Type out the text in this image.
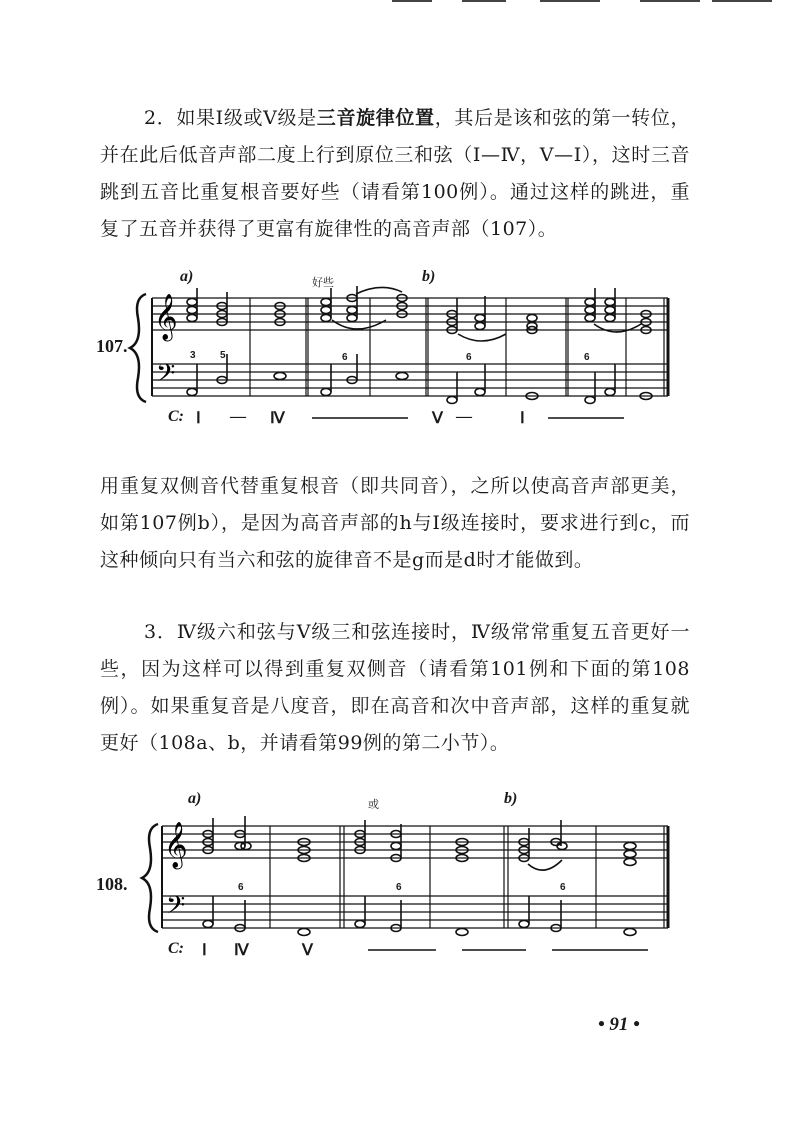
2．如果Ⅰ级或Ⅴ级是三音旋律位置，其后是该和弦的第一转位，并在此后低音声部二度上行到原位三和弦（Ⅰ—Ⅳ，Ⅴ—Ⅰ），这时三音跳到五音比重复根音要好些（请看第100例）。通过这样的跳进，重复了五音并获得了更富有旋律性的高音声部（107）。

107.
𝄞
𝄢
a)	b)
好些
3 5	6	6	6
C: Ⅰ — Ⅳ	Ⅴ —	Ⅰ

用重复双侧音代替重复根音（即共同音），之所以使高音声部更美，如第107例b），是因为高音声部的h与Ⅰ级连接时，要求进行到c，而这种倾向只有当六和弦的旋律音不是g而是d时才能做到。

3．Ⅳ级六和弦与Ⅴ级三和弦连接时，Ⅳ级常常重复五音更好一些，因为这样可以得到重复双侧音（请看第101例和下面的第108例）。如果重复音是八度音，即在高音和次中音声部，这样的重复就更好（108a、b，并请看第99例的第二小节）。

108.
𝄞
𝄢
a)	b)
或
6	6	6
C: Ⅰ Ⅳ	Ⅴ
• 91 •
